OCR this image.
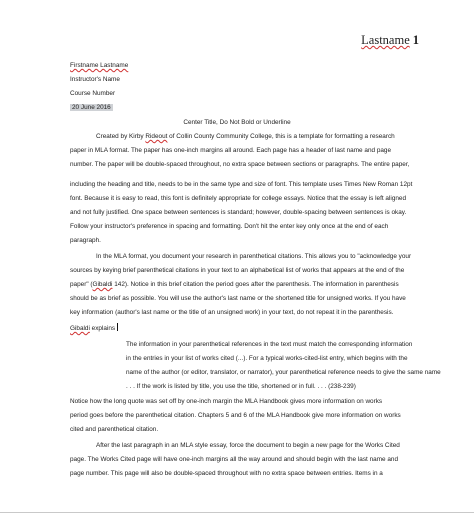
Lastname 1
Firstname Lastname
Instructor's Name
Course Number
20 June 2016
Center Title, Do Not Bold or Underline
Created by Kirby Rideout of Collin County Community College, this is a template for formatting a research
paper in MLA format. The paper has one-inch margins all around. Each page has a header of last name and page
number. The paper will be double-spaced throughout, no extra space between sections or paragraphs. The entire paper,
including the heading and title, needs to be in the same type and size of font. This template uses Times New Roman 12pt
font. Because it is easy to read, this font is definitely appropriate for college essays. Notice that the essay is left aligned
and not fully justified. One space between sentences is standard; however, double-spacing between sentences is okay.
Follow your instructor's preference in spacing and formatting. Don't hit the enter key only once at the end of each
paragraph.
In the MLA format, you document your research in parenthetical citations. This allows you to "acknowledge your
sources by keying brief parenthetical citations in your text to an alphabetical list of works that appears at the end of the
paper" (Gibaldi 142). Notice in this brief citation the period goes after the parenthesis. The information in parenthesis
should be as brief as possible. You will use the author's last name or the shortened title for unsigned works. If you have
key information (author's last name or the title of an unsigned work) in your text, do not repeat it in the parenthesis.
Gibaldi explains
The information in your parenthetical references in the text must match the corresponding information
in the entries in your list of works cited (...). For a typical works-cited-list entry, which begins with the
name of the author (or editor, translator, or narrator), your parenthetical reference needs to give the same name
. . . If the work is listed by title, you use the title, shortened or in full. . . . (238-239)
Notice how the long quote was set off by one-inch margin the MLA Handbook gives more information on works
period goes before the parenthetical citation. Chapters 5 and 6 of the MLA Handbook give more information on works
cited and parenthetical citation.
After the last paragraph in an MLA style essay, force the document to begin a new page for the Works Cited
page. The Works Cited page will have one-inch margins all the way around and should begin with the last name and
page number. This page will also be double-spaced throughout with no extra space between entries. Items in a
